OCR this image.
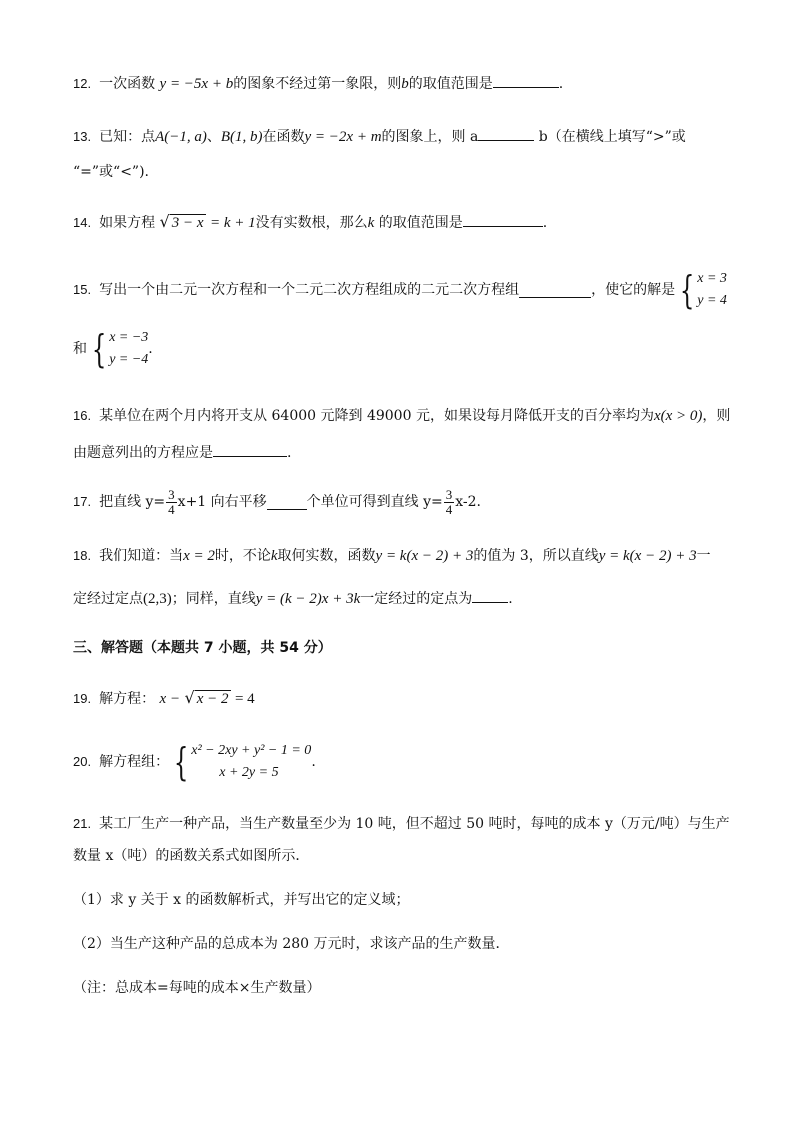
12. 一次函数 y = −5x + b的图象不经过第一象限，则b的取值范围是	.
13. 已知：点A(−1, a)、B(1, b)在函数y = −2x + m的图象上，则 a	b（在横线上填写“>”或
“=”或“<”).
14. 如果方程 √ 3 − x = k + 1没有实数根，那么k 的取值范围是	.
15. 写出一个由二元一次方程和一个二元二次方程组成的二元二次方程组	，使它的解是 { x = 3
y = 4
和 { x = −3
y = −4
.
16. 某单位在两个月内将开支从 64000 元降到 49000 元，如果设每月降低开支的百分率均为x(x > 0)，则
由题意列出的方程应是	.
17. 把直线 $y= \frac{3}{4} x+1$ 向右平移	个单位可得到直线 $y= \frac{3}{4} x-2$.
18. 我们知道：当x = 2时，不论k取何实数，函数y = k(x − 2) + 3的值为 3，所以直线y = k(x − 2) + 3一
定经过定点(2,3)；同样，直线y = (k − 2)x + 3k一定经过的定点为	.
三、解答题（本题共 7 小题，共 54 分）
19. 解方程： x − √ x − 2 = 4
20. 解方程组： { x² − 2xy + y² − 1 = 0
x + 2y = 5
.
21. 某工厂生产一种产品，当生产数量至少为 10 吨，但不超过 50 吨时，每吨的成本 y（万元/吨）与生产
数量 x（吨）的函数关系式如图所示．
（1）求 y 关于 x 的函数解析式，并写出它的定义域；
（2）当生产这种产品的总成本为 280 万元时，求该产品的生产数量．
（注：总成本=每吨的成本×生产数量）
